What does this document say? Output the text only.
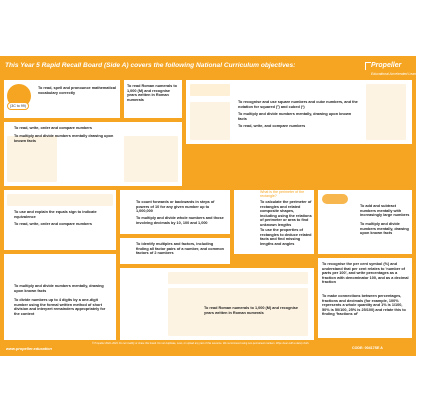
This Year 5 Rapid Recall Board (Side A) covers the following National Curriculum objectives:	Propeller
Educational Accelerated Learning
To read, spell and pronounce mathematical vocabulary correctly
(3C to 99)
To read Roman numerals to 1,000 (M) and recognise years written in Roman numerals
To recognise and use square numbers and cube numbers, and the notation for squared (²) and cubed (³)
To multiply and divide numbers mentally, drawing upon known facts
To read, write, and compare numbers
To read, write, order and compare numbers
To multiply and divide numbers mentally drawing upon known facts
To use and explain the equals sign to indicate equivalence
To read, write, order and compare numbers
To count forwards or backwards in steps of powers of 10 for any given number up to 1,000,000
To multiply and divide whole numbers and those involving decimals by 10, 100 and 1,000
What is the perimeter of the rectangle?
To calculate the perimeter of rectangles and related composite shapes, including using the relations of perimeter or area to find unknown lengths
To use the properties of rectangles to deduce related facts and find missing lengths and angles
To add and subtract numbers mentally with increasingly large numbers
To multiply and divide numbers mentally, drawing upon known facts
To identify multiples and factors, including finding all factor pairs of a number, and common factors of 2 numbers
To recognise the per cent symbol (%) and understand that per cent relates to 'number of parts per 100', and write percentages as a fraction with denominator 100, and as a decimal fraction
To make connections between percentages, fractions and decimals (for example, 100% represents a whole quantity and 1% is 1/100, 50% is 50/100, 25% is 25/100) and relate this to finding 'fractions of'
To multiply and divide numbers mentally, drawing upon known facts
To divide numbers up to 4 digits by a one-digit number using the formal written method of short division and interpret remainders appropriately for the context
To read Roman numerals to 1,000 (M) and recognise years written in Roman numerals
www.propeller.education
© Propeller 2022–2023. Do not modify or share this board. Do not duplicate, scan, or upload any part of this resource. We recommend using non-permanent markers. Wipe clean with a damp cloth.
CODE: 00417SE A
